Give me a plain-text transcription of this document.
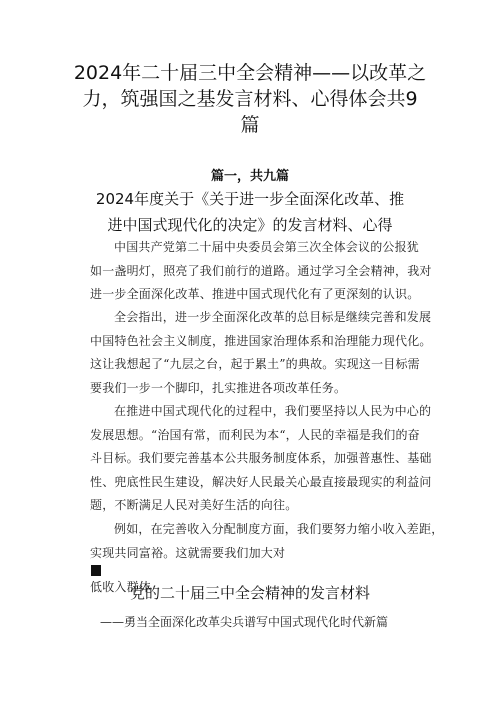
2024年二十届三中全会精神——以改革之
力，筑强国之基发言材料、心得体会共9
篇
篇一，共九篇
2024年度关于《关于进一步全面深化改革、推
进中国式现代化的决定》的发言材料、心得
中国共产党第二十届中央委员会第三次全体会议的公报犹
如一盏明灯，照亮了我们前行的道路。通过学习全会精神，我对
进一步全面深化改革、推进中国式现代化有了更深刻的认识。
全会指出，进一步全面深化改革的总目标是继续完善和发展
中国特色社会主义制度，推进国家治理体系和治理能力现代化。
这让我想起了“九层之台，起于累土”的典故。实现这一目标需
要我们一步一个脚印，扎实推进各项改革任务。
在推进中国式现代化的过程中，我们要坚持以人民为中心的
发展思想。“治国有常，而利民为本“，人民的幸福是我们的奋
斗目标。我们要完善基本公共服务制度体系，加强普惠性、基础
性、兜底性民生建设，解决好人民最关心最直接最现实的利益问
题，不断满足人民对美好生活的向往。
例如，在完善收入分配制度方面，我们要努力缩小收入差距，
实现共同富裕。这就需要我们加大对
低收入群体
党的二十届三中全会精神的发言材料
——勇当全面深化改革尖兵谱写中国式现代化时代新篇
